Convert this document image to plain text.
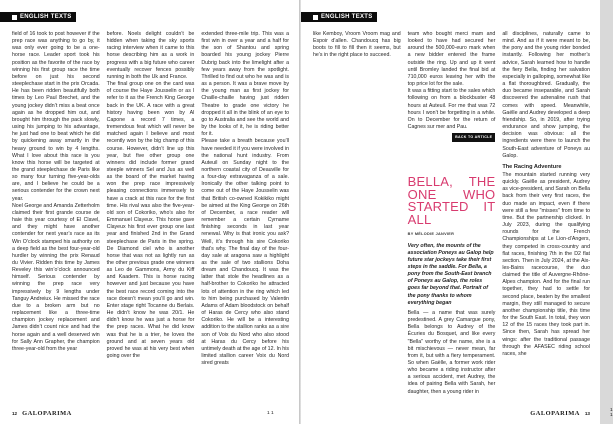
ENGLISH TEXTS

field of 16 took to post however if the prep race was anything to go by, it was only ever going to be a one-horse race. Leader sport took his position as the favorite of the race by winning his first group race the time before on just his second steeplechase start in the prix Orcada. He has been ridden beautifully both times by Leo Paul Brechet, and the young jockey didn’t miss a beat once again as he dropped him out, and brought him through the pack slowly, using his jumping to his advantage, he just had one to beat which he did by quickening away smartly in the heavy ground to win by 4 lengths. What I love about this race is you know this horse will be targeted at the grand steeplechase de Paris like so many four turning five-year-olds are, and I believe he could be a serious contender for the crown next year.

Noel George and Amanda Zetterholm claimed their first grande course de haie this year courtesy of El Clavel, and they might have another contender for next year’s race as its Win O’clock stamped his authority on a deep field as the best four-year-old hurdler by winning the prix Renaud du Vivier. Ridden this time by James Reveley this win’o’clock announced himself. Serious contender by winning the prep race very impressively by 9 lengths under Tanguy Andreiux. He missed the race due to a broken arm but no replacement like a three-time champion jockey replacement and James didn’t count nice and had the horse again and a well deserved win for Sally Ann Grapher, the champion three-year-old from the year

before. Noels delight couldn’t be hidden when taking the sky sports racing interview when it came to this horse describing him as a work in progress with a big future who career eventually recover fences possibly running in both the Uk and France.

The final group one on the card was of course the Haye Jousselin or as I refer to it as the French King George back in the UK. A race with a great history having been won by Al Capone a record 7 times, a tremendous feat which will never be matched again I believe and most recently won by the big champ of this course. However, didn’t line up this year, but five other group one winners did include former grand steeple winners Sel and Jus as well as the board of the market having won the prep race impressively pleasing connections immensely to have a crack at this race for the first time. His rival was also the five-year-old son of Cokoriko, who’s also for Emmanuel Clayeux. This horse gave Clayeux his first ever group one last year and finished 2nd in the Grand steeplechase de Paris in the spring. De Diamond ciel who is another horse that was not as lightly run as the other previous grade one winners as Leo de Gammons, Army du Kiff and Kaadem. This is horse racing however and just because you have the best race record coming into the race doesn’t mean you’ll go and win. Enter stage right Tocanne du Berlais. He didn’t know he was 20/1. He didn’t know he was just a horse for the prep races. What he did know was that he is a trier, he loves the ground and at seven years old proved he was at his very best when going over the

extended three-mile trip. This was a first win in over a year and a half for the son of Shantou and spring boarded his young jockey Pierre Dubrig back into the limelight after a few years away from the spotlight. Thrilled to find out who he was and is as a person. It was a brave move by the young man as first jockey for Chaille-chaille having just ridden Theatre to grade one victory he dropped it all in the blink of an eye to go to Australia and see the world and by the looks of it, he is riding better for it.

Please take a breath because you’ll have needed it if you were involved in the national hunt industry. From Auteuil on Sunday night to the northern coastal city of Deauville for a four-day extravaganza of a sale. Ironically the other talking point to come out of the Haye Jousselin was that British co-owned Kokikiko might be aimed at the King George on 26th of December, a race reader will remember a certain Cyrname finishing seconds in last year renewal. Why is that ironic you ask? Well, it’s through his sire Cokoriko that’s why. The final day of the four-day sale at aragona saw a highlight as the sale of two stallions Doha dream and Chandoucq. It was the latter that stole the headlines as a half-brother to Cokoriko he attracted lots of attention in the ring which led to him being purchased by Valentin Adams of Adam bloodstock on behalf of Haras de Cercy who also stand Cokoriko. He will be a interesting addition to the stallion ranks as a sire son of Voix du Nord who also stood at Haras du Cercy before his untimely death at the age of 12. In his limited stallion career Voix du Nord sired greats

12 GALOPARIMA	1 1
ENGLISH TEXTS

like Kemboy, Vroom Vroom mag and Espoir d’allen. Chandoucq has big boots to fill to fill then it seems, but he’s in the right place to succeed.

team who bought merci mam and looked to have had secured her around the 500,000-euro mark when a new bidder entered the frame outside the ring. Up and up it went until Bromley landed the final bid at 710,000 euros leaving her with the top price lot for the sale.

It was a fitting start to the sales which following on from a blockbuster 48 hours at Auteuil. For me that was 72 hours I won’t be forgetting in a while. On to December for the return of Cagnes sur mer and Pau.

BACK TO ARTICLE
BELLA, THE ONE WHO STARTED IT ALL
BY MÉLODIE JANVIER

Very often, the mounts of the association Poneys au Galop help future star jockeys take their first steps in the saddle. For Bella, a pony from the South-East branch of Poneys au Galop, the roles goes far beyond that. Portrait of the pony thanks to whom everything began

Bella — a name that was surely predestined. A grey Camargue pony, Bella belongs to Audrey of the Écuries du Bosquet, and like every "Bella" worthy of the name, she is a bit mischievous — never mean, far from it, but with a fiery temperament. So when Gaëlle, a former work rider who became a riding instructor after a serious accident, met Audrey, the idea of pairing Bella with Sarah, her daughter, then a young rider in

all disciplines, naturally came to mind. And as if it were meant to be, the pony and the young rider bonded instantly. Following her mother’s advice, Sarah learned how to handle the fiery Bella, finding her salvation especially in galloping, somewhat like a flat thoroughbred. Gradually, the duo became inseparable, and Sarah discovered the adrenaline rush that comes with speed. Meanwhile, Gaëlle and Audrey developed a deep friendship. So, in 2019, after trying endurance and show jumping, the decision was obvious: all the ingredients were there to launch the South-East adventure of Poneys au Galop.

The Racing Adventure

The mountain started running very quickly. Gaëlle as president, Audrey as vice-president, and Sarah on Bella back from their very first races, the duo made an impact, even if there were still a few "misses" from time to time. But the partnership clicked. In July 2023, during the qualifying rounds for the French Championships at Le Lion-d’Angers, they competed in cross-country and flat races, finishing 7th in the D2 flat section. Then in July 2024, at the Aix-les-Bains racecourse, the duo claimed the title of Auvergne-Rhône-Alpes champion. And for the final run together, they had to settle for second place, beaten by the smallest margin, they still managed to secure another championship title, this time for the South East. In total, they won 12 of the 15 races they took part in. Since then, Sarah has spread her wings: after the traditional passage through the AFASEC riding school races, she

1 1
GALOPARIMA 13
